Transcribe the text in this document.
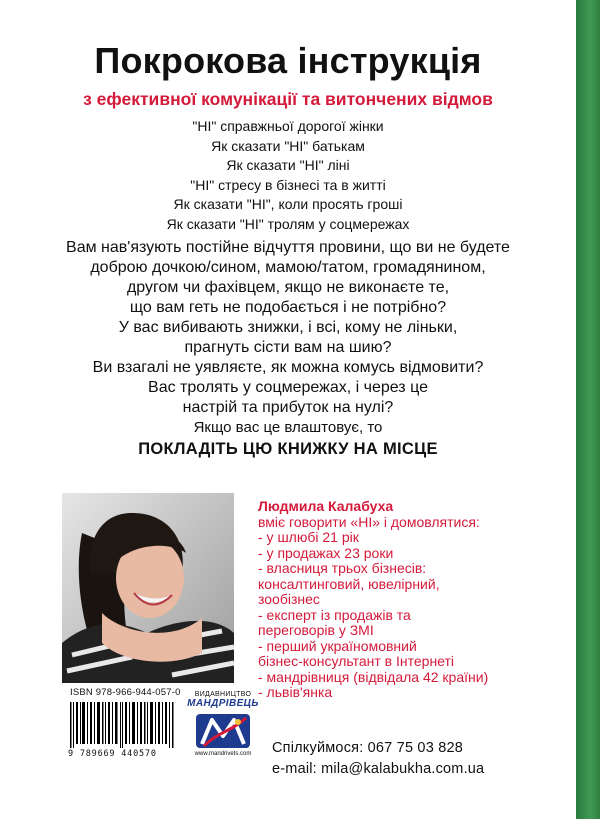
Покрокова інструкція
з ефективної комунікації та витончених відмов
"НІ" справжньої дорогої жінки
Як сказати "НІ" батькам
Як сказати "НІ" ліні
"НІ" стресу в бізнесі та в житті
Як сказати "НІ", коли просять гроші
Як сказати "НІ" тролям у соцмережах

Вам нав'язують постійне відчуття провини, що ви не будете
доброю дочкою/сином, мамою/татом, громадянином,
другом чи фахівцем, якщо не виконаєте те,
що вам геть не подобається і не потрібно?

У вас вибивають знижки, і всі, кому не ліньки,
прагнуть сісти вам на шию?

Ви взагалі не уявляєте, як можна комусь відмовити?
Вас тролять у соцмережах, і через це
настрій та прибуток на нулі?

Якщо вас це влаштовує, то

ПОКЛАДІТЬ ЦЮ КНИЖКУ НА МІСЦЕ
Людмила Калабуха
вміє говорити «НІ» і домовлятися:
- у шлюбі 21 рік
- у продажах 23 роки
- власниця трьох бізнесів:
консалтинговий, ювелірний,
зообізнес
- експерт із продажів та
переговорів у ЗМІ
- перший україномовний
бізнес-консультант в Інтернеті
- мандрівниця (відвідала 42 країни)
- львів'янка
ISBN 978-966-944-057-0
9 789669 440570
ВИДАВНИЦТВО
МАНДРІВЕЦЬ
www.mandrivets.com	Спілкуймося: 067 75 03 828
e-mail: mila@kalabukha.com.ua
